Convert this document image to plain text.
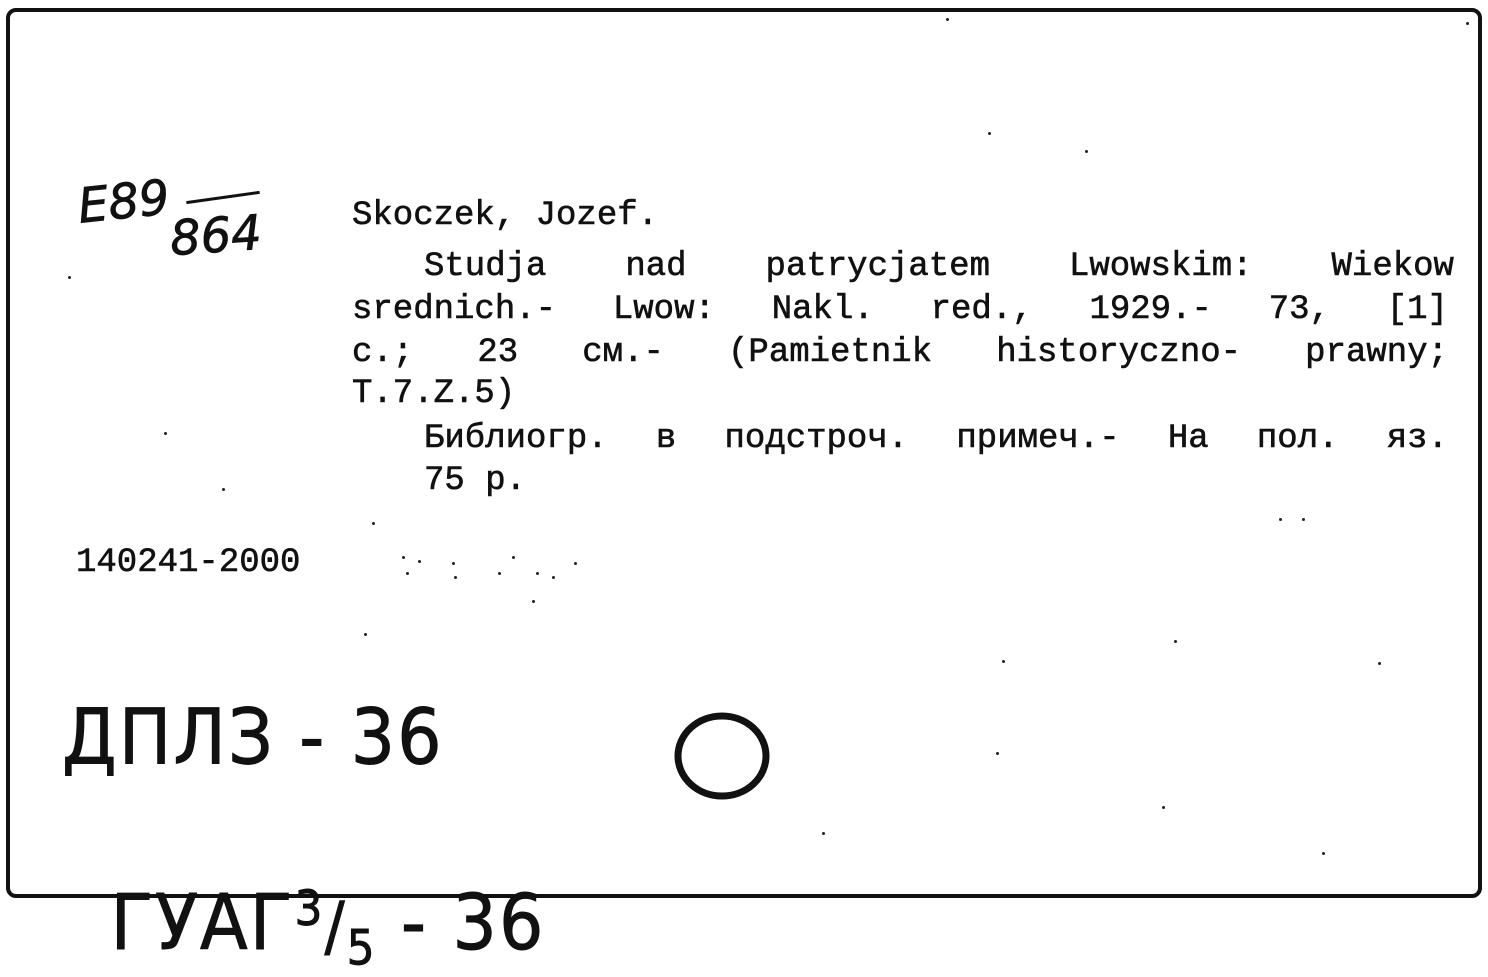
E89
864	Skoczek, Jozef.
Studja nad patrycjatem Lwowskim: Wiekow
srednich.- Lwow: Nakl. red., 1929.- 73, [1]
с.; 23 см.- (Pamietnik historyczno- prawny;
T.7.Z.5)
Библиогр. в подстроч. примеч.- На пол. яз.
75 р.
140241-2000
ДПЛЗ - 36

$ГУАГ^3/_5 - 36$
